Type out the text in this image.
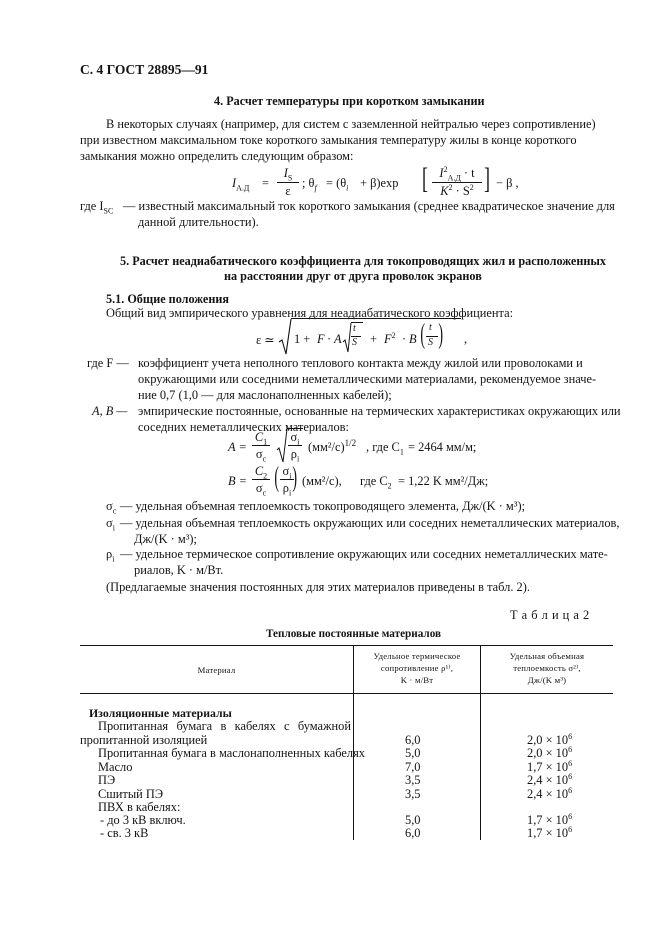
С. 4 ГОСТ 28895—91
4. Расчет температуры при коротком замыкании
В некоторых случаях (например, для систем с заземленной нейтралью через сопротивление)
при известном максимальном токе короткого замыкания температуру жилы в конце короткого
замыкания можно определить следующим образом:
$I_{A.Д}$ =
$I_S$
ε
; $\theta_f = (\theta_i + \beta)\exp$ [ $I^2_{A.Д} \cdot t$
$K^2 \cdot S^2$ ] − β ,
где $I_{SC}$ — известный максимальный ток короткого замыкания (среднее квадратическое значение для
данной длительности).
5. Расчет неадиабатического коэффициента для токопроводящих жил и расположенных
на расстоянии друг от друга проволок экранов
5.1. Общие положения
Общий вид эмпирического уравнения для неадиабатического коэффициента:
ε ≃ 1 + F · A
t
$S + F^2 \cdot B$ ( t
S ) ,
где F — коэффициент учета неполного теплового контакта между жилой или проволоками и
окружающими или соседними неметаллическими материалами, рекомендуемое значе-
ние 0,7 (1,0 — для маслонаполненных кабелей);
A, B — эмпирические постоянные, основанные на термических характеристиках окружающих или
соседних неметаллических материалов:
A =
$C_1$
$\sigma_c$
$\sigma_i$
$\rho_i$
$(мм^2/с)^{1/2}$ , где $C_1 = 2464$ мм/м;
B =
$C_2$
$\sigma_c$ ( $\sigma_i$
$\rho_i$ ) (мм²/с), где $C_2 = 1,22$ K мм²/Дж;
$\sigma_c$ — удельная объемная теплоемкость токопроводящего элемента, Дж/(K · м³);
$\sigma_i$ — удельная объемная теплоемкость окружающих или соседних неметаллических материалов,
Дж/(K · м³);
$\rho_i$ — удельное термическое сопротивление окружающих или соседних неметаллических мате-
риалов, K · м/Вт.
(Предлагаемые значения постоянных для этих материалов приведены в табл. 2).
Т а б л и ц а 2
Тепловые постоянные материалов
Материал
Удельное термическое
сопротивление ρ¹⁾,
K · м/Вт
Удельная объемная
теплоемкость σ²⁾,
Дж/(K м³)
Изоляционные материалы
Пропитанная бумага в кабелях с бумажной
пропитанной изоляцией	6,0	$2,0 \times 10^6$
Пропитанная бумага в маслонаполненных кабелях	5,0	$2,0 \times 10^6$
Масло	7,0	$1,7 \times 10^6$
ПЭ	3,5	$2,4 \times 10^6$
Сшитый ПЭ	3,5	$2,4 \times 10^6$
ПВХ в кабелях:
- до 3 кВ включ.	5,0	$1,7 \times 10^6$
- св. 3 кВ	6,0	$1,7 \times 10^6$
